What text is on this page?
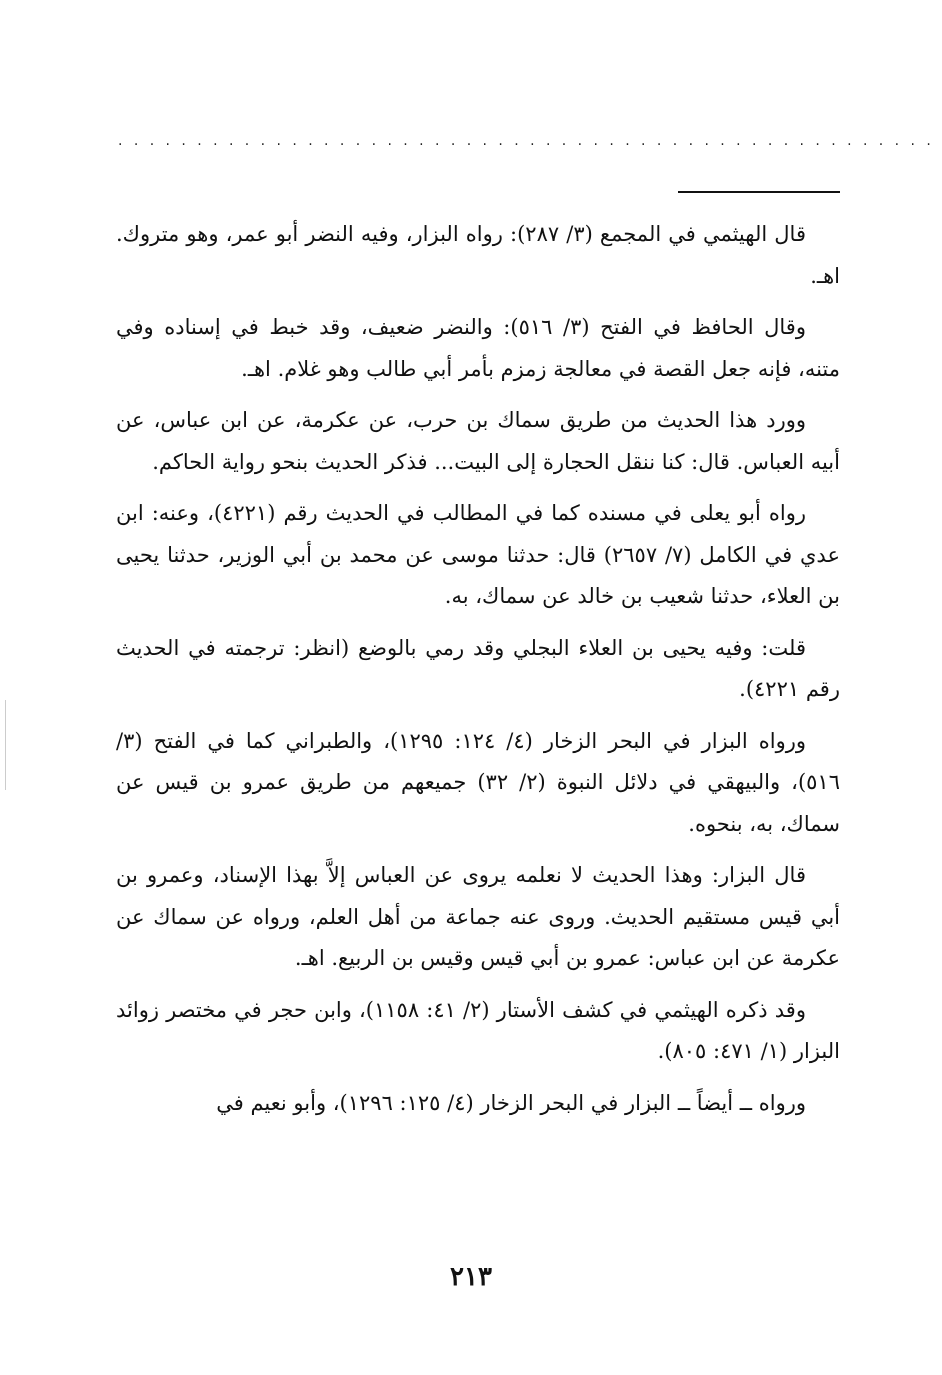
....................................................

قال الهيثمي في المجمع (٣/ ٢٨٧): رواه البزار، وفيه النضر أبو عمر، وهو متروك. اهـ.

وقال الحافظ في الفتح (٣/ ٥١٦): والنضر ضعيف، وقد خبط في إسناده وفي متنه، فإنه جعل القصة في معالجة زمزم بأمر أبي طالب وهو غلام. اهـ.

وورد هذا الحديث من طريق سماك بن حرب، عن عكرمة، عن ابن عباس، عن أبيه العباس. قال: كنا ننقل الحجارة إلى البيت... فذكر الحديث بنحو رواية الحاكم.

رواه أبو يعلى في مسنده كما في المطالب في الحديث رقم (٤٢٢١)، وعنه: ابن عدي في الكامل (٧/ ٢٦٥٧) قال: حدثنا موسى عن محمد بن أبي الوزير، حدثنا يحيى بن العلاء، حدثنا شعيب بن خالد عن سماك، به.

قلت: وفيه يحيى بن العلاء البجلي وقد رمي بالوضع (انظر: ترجمته في الحديث رقم ٤٢٢١).

ورواه البزار في البحر الزخار (٤/ ١٢٤: ١٢٩٥)، والطبراني كما في الفتح (٣/ ٥١٦)، والبيهقي في دلائل النبوة (٢/ ٣٢) جميعهم من طريق عمرو بن قيس عن سماك، به، بنحوه.

قال البزار: وهذا الحديث لا نعلمه يروى عن العباس إلاَّ بهذا الإسناد، وعمرو بن أبي قيس مستقيم الحديث. وروى عنه جماعة من أهل العلم، ورواه عن سماك عن عكرمة عن ابن عباس: عمرو بن أبي قيس وقيس بن الربيع. اهـ.

وقد ذكره الهيثمي في كشف الأستار (٢/ ٤١: ١١٥٨)، وابن حجر في مختصر زوائد البزار (١/ ٤٧١: ٨٠٥).

ورواه ــ أيضاً ــ البزار في البحر الزخار (٤/ ١٢٥: ١٢٩٦)، وأبو نعيم في

٢١٣
